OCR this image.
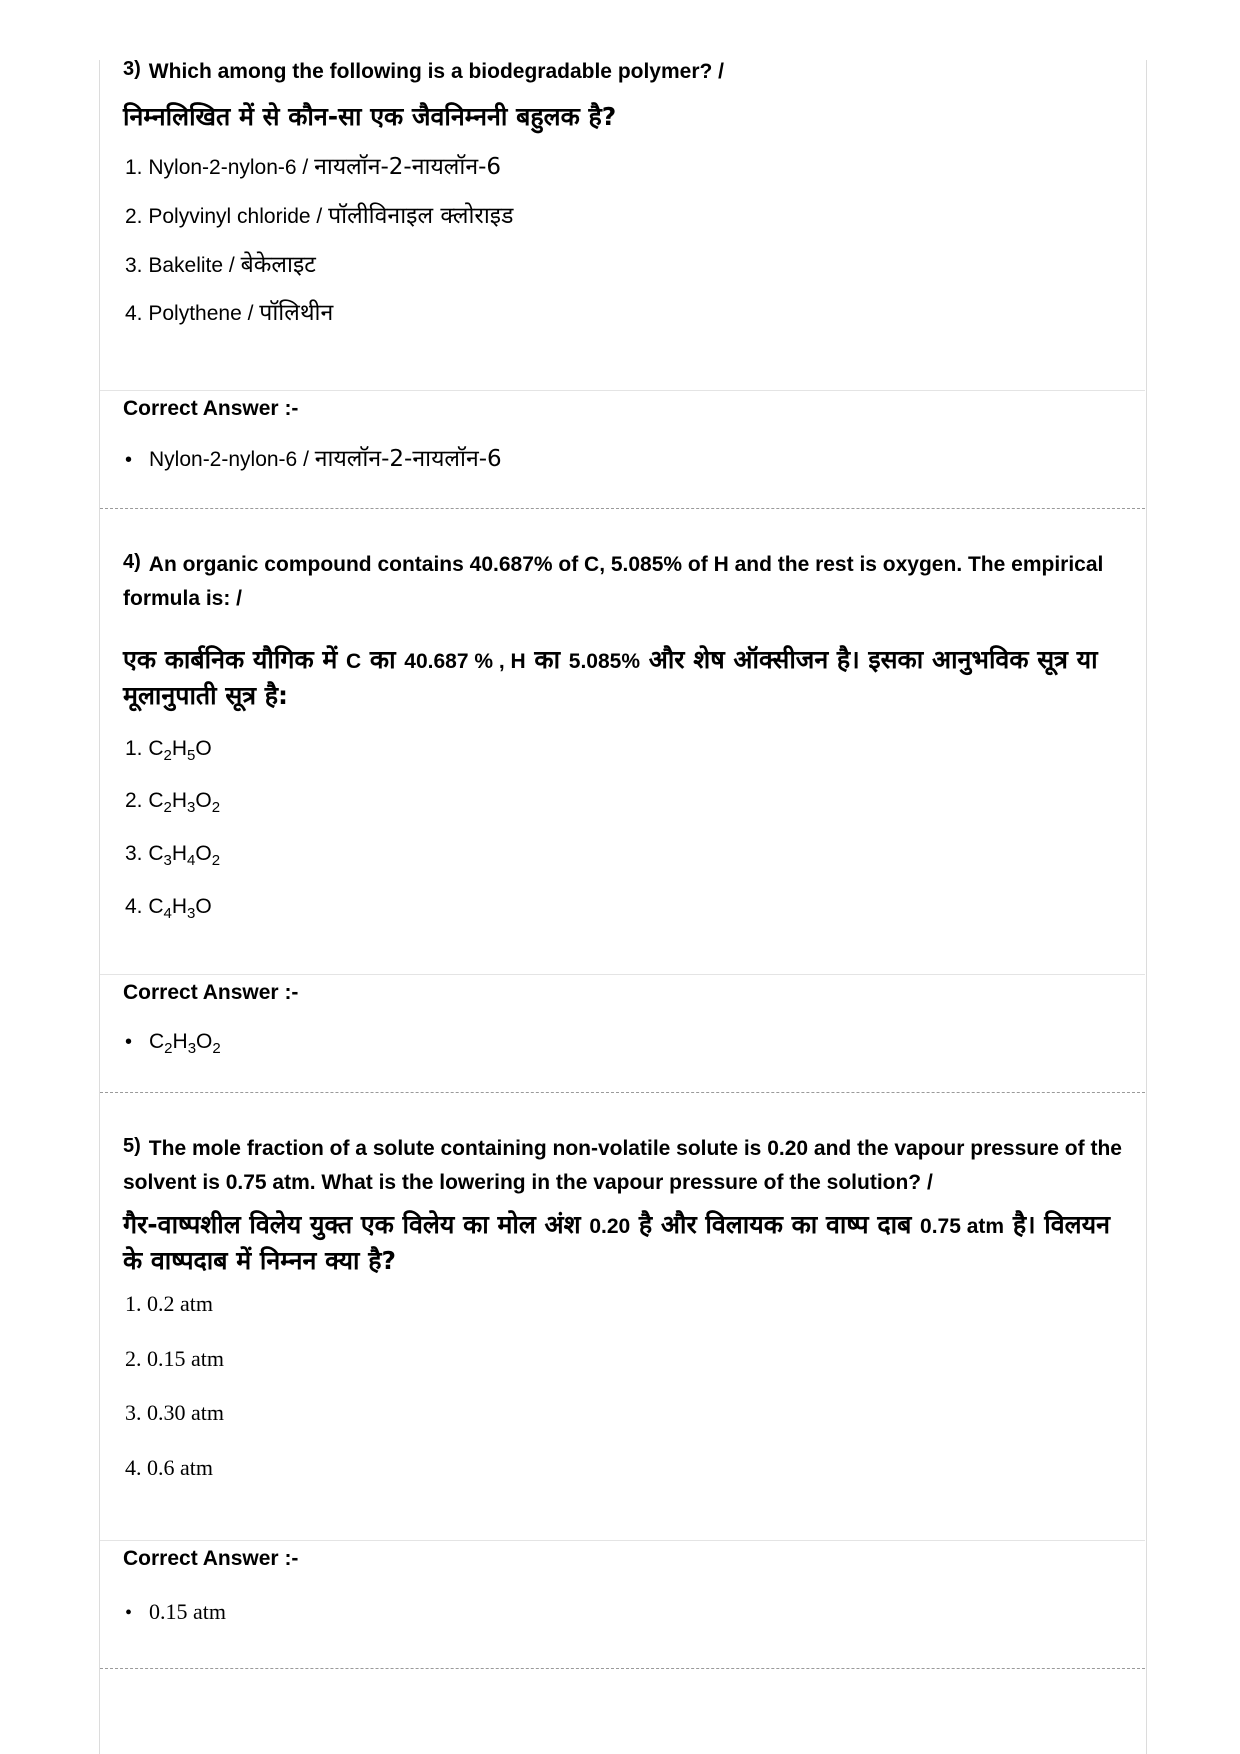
3) Which among the following is a biodegradable polymer? /
निम्नलिखित में से कौन-सा एक जैवनिम्ननी बहुलक है?
1. Nylon-2-nylon-6 / नायलॉन-2-नायलॉन-6
2. Polyvinyl chloride / पॉलीविनाइल क्लोराइड
3. Bakelite / बेकेलाइट
4. Polythene / पॉलिथीन
Correct Answer :-
• Nylon-2-nylon-6 / नायलॉन-2-नायलॉन-6
4) An organic compound contains 40.687% of C, 5.085% of H and the rest is oxygen. The empirical formula is: /
एक कार्बनिक यौगिक में C का 40.687 % , H का 5.085% और शेष ऑक्सीजन है। इसका आनुभविक सूत्र या मूलानुपाती सूत्र है:
1. $C_2H_5O$
2. $C_2H_3O_2$
3. $C_3H_4O_2$
4. $C_4H_3O$
Correct Answer :-
• $C_2H_3O_2$
5) The mole fraction of a solute containing non-volatile solute is 0.20 and the vapour pressure of the solvent is 0.75 atm. What is the lowering in the vapour pressure of the solution? /
गैर-वाष्पशील विलेय युक्त एक विलेय का मोल अंश 0.20 है और विलायक का वाष्प दाब 0.75 atm है। विलयन के वाष्पदाब में निम्नन क्या है?
1. 0.2 atm
2. 0.15 atm
3. 0.30 atm
4. 0.6 atm
Correct Answer :-
• 0.15 atm
